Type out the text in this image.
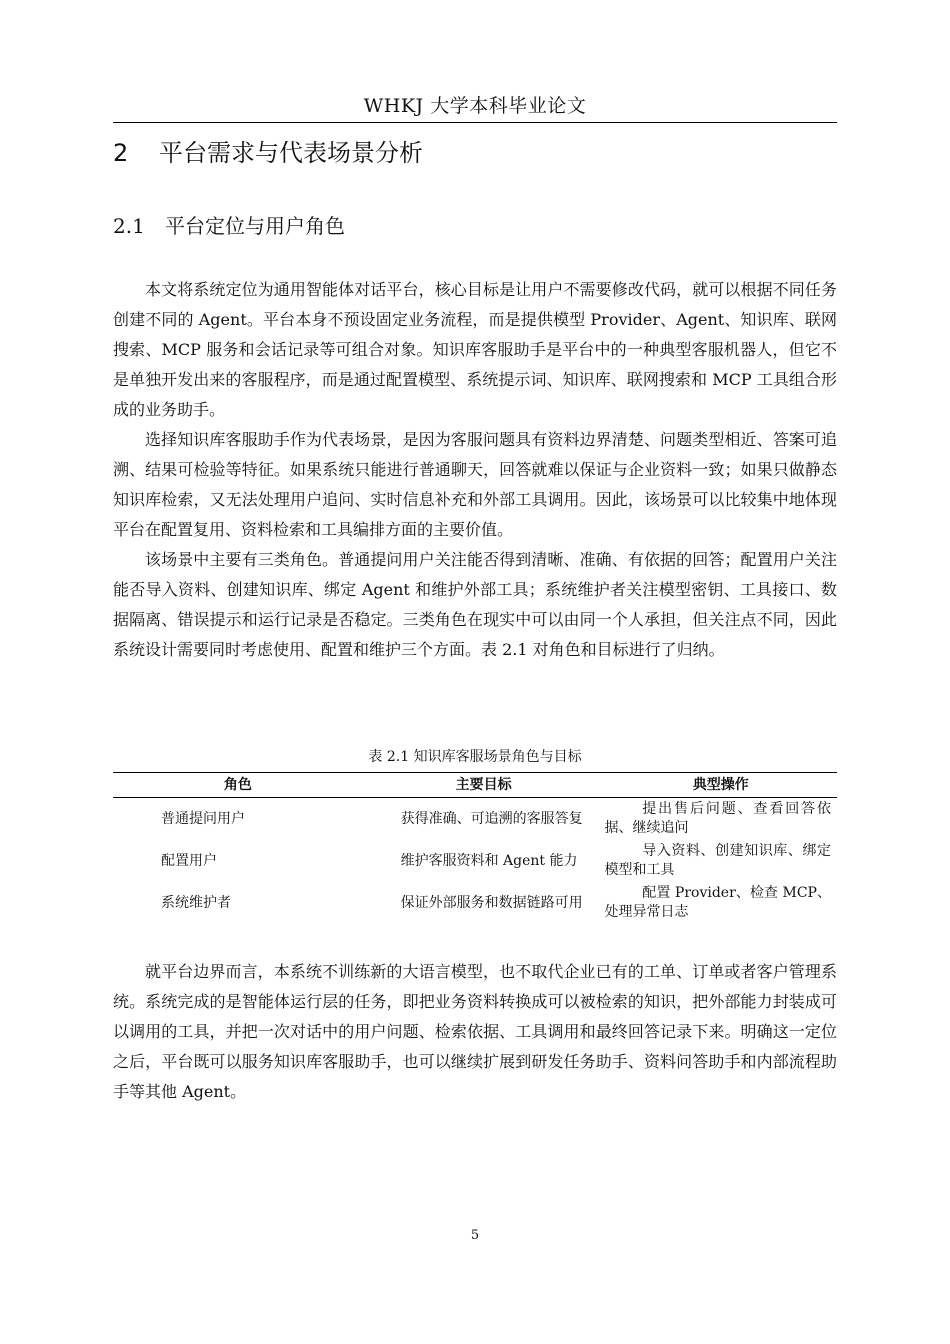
WHKJ 大学本科毕业论文
2 平台需求与代表场景分析
2.1 平台定位与用户角色

本文将系统定位为通用智能体对话平台，核心目标是让用户不需要修改代码，就可以根据不同任务创建不同的 Agent。平台本身不预设固定业务流程，而是提供模型 Provider、Agent、知识库、联网搜索、MCP 服务和会话记录等可组合对象。知识库客服助手是平台中的一种典型客服机器人，但它不是单独开发出来的客服程序，而是通过配置模型、系统提示词、知识库、联网搜索和 MCP 工具组合形成的业务助手。

选择知识库客服助手作为代表场景，是因为客服问题具有资料边界清楚、问题类型相近、答案可追溯、结果可检验等特征。如果系统只能进行普通聊天，回答就难以保证与企业资料一致；如果只做静态知识库检索，又无法处理用户追问、实时信息补充和外部工具调用。因此，该场景可以比较集中地体现平台在配置复用、资料检索和工具编排方面的主要价值。

该场景中主要有三类角色。普通提问用户关注能否得到清晰、准确、有依据的回答；配置用户关注能否导入资料、创建知识库、绑定 Agent 和维护外部工具；系统维护者关注模型密钥、工具接口、数据隔离、错误提示和运行记录是否稳定。三类角色在现实中可以由同一个人承担，但关注点不同，因此系统设计需要同时考虑使用、配置和维护三个方面。表 2.1 对角色和目标进行了归纳。

表 2.1 知识库客服场景角色与目标
角色	主要目标	典型操作
普通提问用户	获得准确、可追溯的客服答复	提出售后问题、查看回答依据、继续追问
配置用户	维护客服资料和 Agent 能力	导入资料、创建知识库、绑定模型和工具
系统维护者	保证外部服务和数据链路可用	配置 Provider、检查 MCP、处理异常日志

就平台边界而言，本系统不训练新的大语言模型，也不取代企业已有的工单、订单或者客户管理系统。系统完成的是智能体运行层的任务，即把业务资料转换成可以被检索的知识，把外部能力封装成可以调用的工具，并把一次对话中的用户问题、检索依据、工具调用和最终回答记录下来。明确这一定位之后，平台既可以服务知识库客服助手，也可以继续扩展到研发任务助手、资料问答助手和内部流程助手等其他 Agent。

5
